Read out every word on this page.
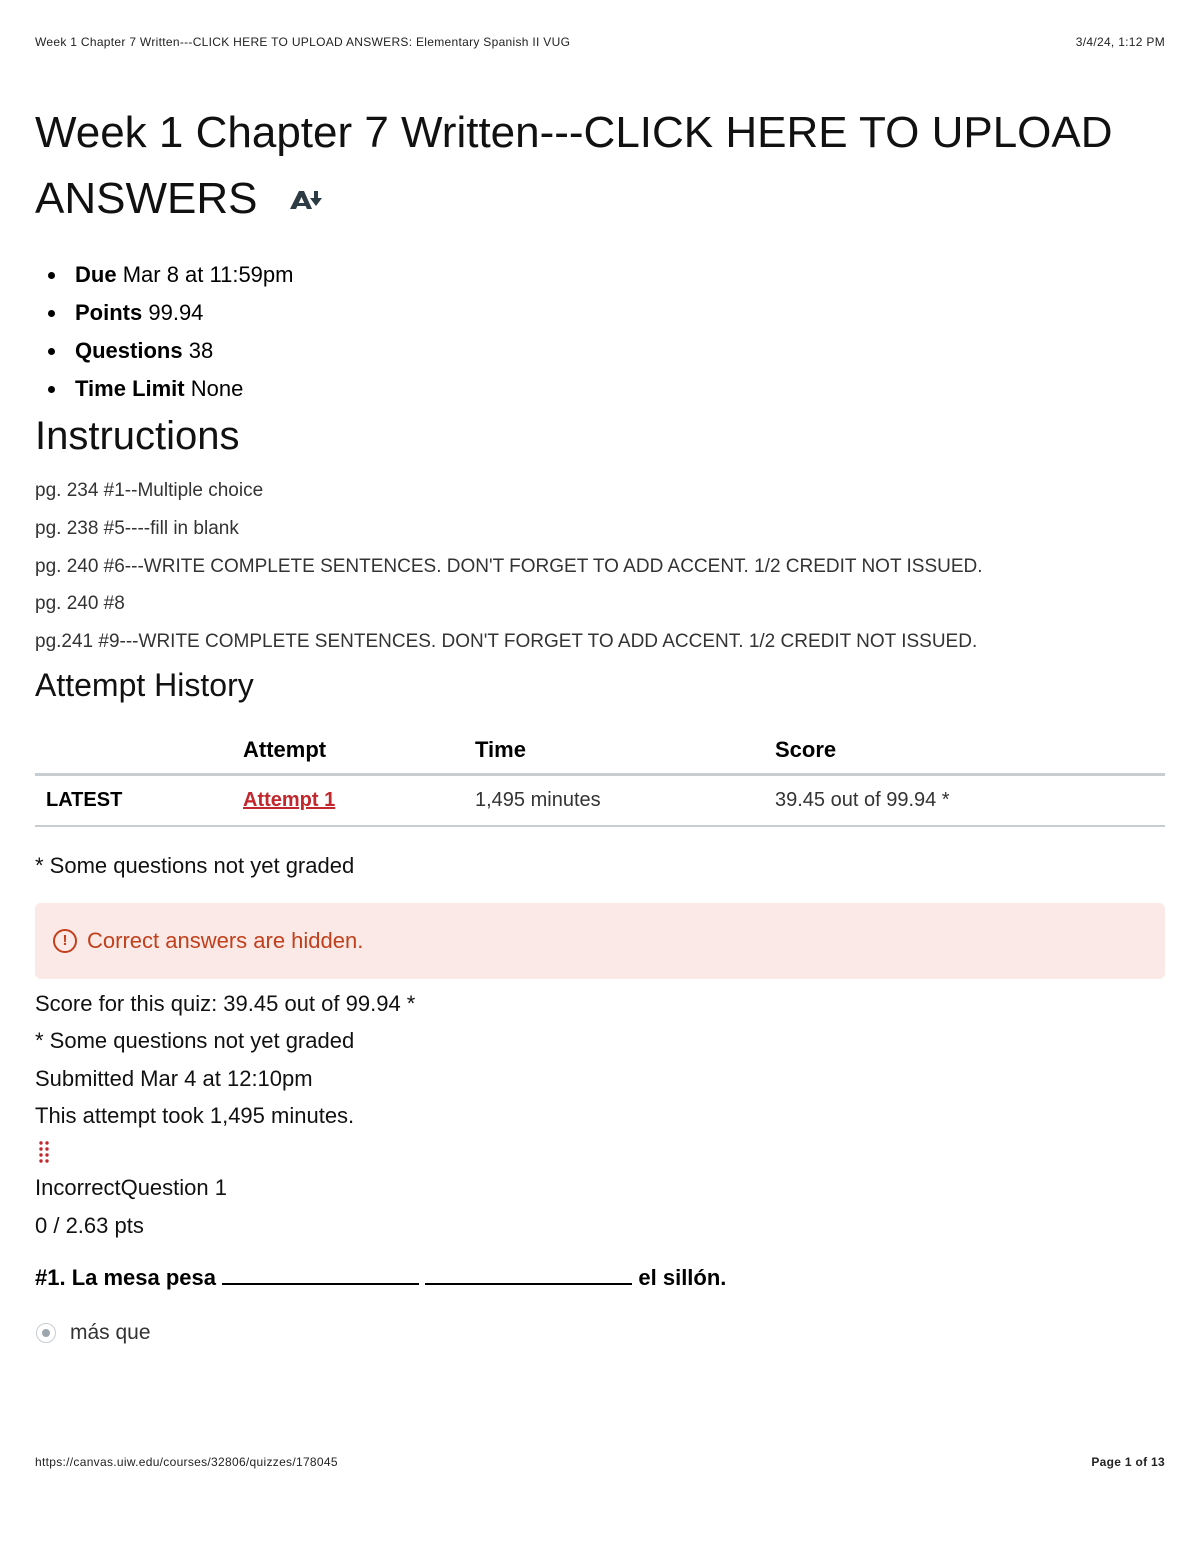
Week 1 Chapter 7 Written---CLICK HERE TO UPLOAD ANSWERS: Elementary Spanish II VUG	3/4/24, 1:12 PM
Week 1 Chapter 7 Written---CLICK HERE TO UPLOAD
ANSWERS
Due Mar 8 at 11:59pm
Points 99.94
Questions 38
Time Limit None
Instructions

pg. 234 #1--Multiple choice

pg. 238 #5----fill in blank

pg. 240 #6---WRITE COMPLETE SENTENCES. DON'T FORGET TO ADD ACCENT. 1/2 CREDIT NOT ISSUED.

pg. 240 #8

pg.241 #9---WRITE COMPLETE SENTENCES. DON'T FORGET TO ADD ACCENT. 1/2 CREDIT NOT ISSUED.

Attempt History
	Attempt	Time	Score
LATEST	Attempt 1	1,495 minutes	39.45 out of 99.94 *
* Some questions not yet graded
! Correct answers are hidden.
Score for this quiz: 39.45 out of 99.94 *
* Some questions not yet graded
Submitted Mar 4 at 12:10pm
This attempt took 1,495 minutes.
IncorrectQuestion 1
0 / 2.63 pts
#1. La mesa pesa	el sillón.
más que
https://canvas.uiw.edu/courses/32806/quizzes/178045	Page 1 of 13
